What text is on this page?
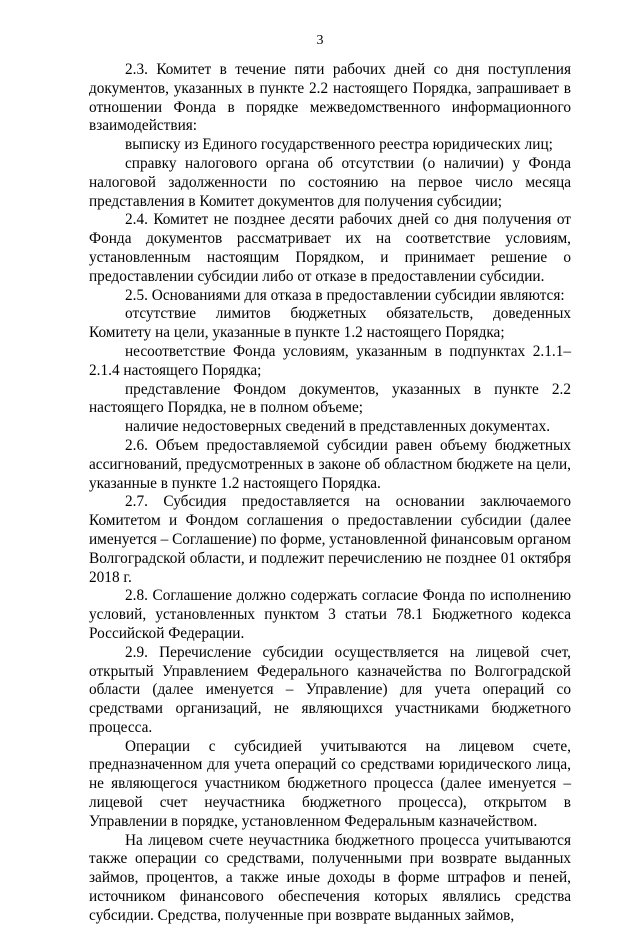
3

2.3. Комитет в течение пяти рабочих дней со дня поступления документов, указанных в пункте 2.2 настоящего Порядка, запрашивает в отношении Фонда в порядке межведомственного информационного взаимодействия:

выписку из Единого государственного реестра юридических лиц;

справку налогового органа об отсутствии (о наличии) у Фонда налоговой задолженности по состоянию на первое число месяца представления в Комитет документов для получения субсидии;

2.4. Комитет не позднее десяти рабочих дней со дня получения от Фонда документов рассматривает их на соответствие условиям, установленным настоящим Порядком, и принимает решение о предоставлении субсидии либо от отказе в предоставлении субсидии.

2.5. Основаниями для отказа в предоставлении субсидии являются:

отсутствие лимитов бюджетных обязательств, доведенных Комитету на цели, указанные в пункте 1.2 настоящего Порядка;

несоответствие Фонда условиям, указанным в подпунктах 2.1.1–2.1.4 настоящего Порядка;

представление Фондом документов, указанных в пункте 2.2 настоящего Порядка, не в полном объеме;

наличие недостоверных сведений в представленных документах.

2.6. Объем предоставляемой субсидии равен объему бюджетных ассигнований, предусмотренных в законе об областном бюджете на цели, указанные в пункте 1.2 настоящего Порядка.

2.7. Субсидия предоставляется на основании заключаемого Комитетом и Фондом соглашения о предоставлении субсидии (далее именуется – Соглашение) по форме, установленной финансовым органом Волгоградской области, и подлежит перечислению не позднее 01 октября 2018 г.

2.8. Соглашение должно содержать согласие Фонда по исполнению условий, установленных пунктом 3 статьи 78.1 Бюджетного кодекса Российской Федерации.

2.9. Перечисление субсидии осуществляется на лицевой счет, открытый Управлением Федерального казначейства по Волгоградской области (далее именуется – Управление) для учета операций со средствами организаций, не являющихся участниками бюджетного процесса.

Операции с субсидией учитываются на лицевом счете, предназначенном для учета операций со средствами юридического лица, не являющегося участником бюджетного процесса (далее именуется – лицевой счет неучастника бюджетного процесса), открытом в Управлении в порядке, установленном Федеральным казначейством.

На лицевом счете неучастника бюджетного процесса учитываются также операции со средствами, полученными при возврате выданных займов, процентов, а также иные доходы в форме штрафов и пеней, источником финансового обеспечения которых являлись средства субсидии. Средства, полученные при возврате выданных займов,
